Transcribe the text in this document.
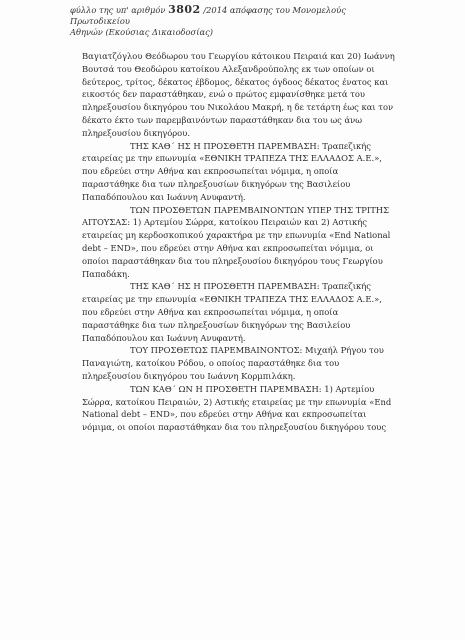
φύλλο της υπ' αριθμόν 3802 /2014 απόφασης του Μονομελούς Πρωτοδικείου
Αθηνών (Εκούσιας Δικαιοδοσίας)
Βαγιατζόγλου Θεόδωρου του Γεωργίου κάτοικου Πειραιά και 20) Ιωάννη
Βουτσά του Θεοδώρου κατοίκου Αλεξανδρούπολης εκ των οποίων οι
δεύτερος, τρίτος, δέκατος έβδομος, δέκατος όγδοος δέκατος ένατος και
εικοστός δεν παραστάθηκαν, ενώ ο πρώτος εμφανίσθηκε μετά του
πληρεξουσίου δικηγόρου του Νικολάου Μακρή, η δε τετάρτη έως και τον
δέκατο έκτο των παρεμβαινόντων παραστάθηκαν δια του ως άνω
πληρεξουσίου δικηγόρου.
ΤΗΣ ΚΑΘ΄ ΗΣ Η ΠΡΟΣΘΕΤΗ ΠΑΡΕΜΒΑΣΗ: Τραπεζικής
εταιρείας με την επωνυμία «ΕΘΝΙΚΗ ΤΡΑΠΕΖΑ ΤΗΣ ΕΛΛΑΔΟΣ Α.Ε.»,
που εδρεύει στην Αθήνα και εκπροσωπείται νόμιμα, η οποία
παραστάθηκε δια των πληρεξουσίων δικηγόρων της Βασιλείου
Παπαδόπουλου και Ιωάννη Ανυφαντή.
ΤΩΝ ΠΡΟΣΘΕΤΩΝ ΠΑΡΕΜΒΑΙΝΟΝΤΩΝ ΥΠΕΡ ΤΗΣ ΤΡΙΤΗΣ
ΑΙΤΟΥΣΑΣ: 1) Αρτεμίου Σώρρα, κατοίκου Πειραιών και 2) Αστικής
εταιρείας μη κερδοσκοπικού χαρακτήρα με την επωνυμία «End National
debt – END», που εδρεύει στην Αθήνα και εκπροσωπείται νόμιμα, οι
οποίοι παραστάθηκαν δια του πληρεξουσίου δικηγόρου τους Γεωργίου
Παπαδάκη.
ΤΗΣ ΚΑΘ΄ ΗΣ Η ΠΡΟΣΘΕΤΗ ΠΑΡΕΜΒΑΣΗ: Τραπεζικής
εταιρείας με την επωνυμία «ΕΘΝΙΚΗ ΤΡΑΠΕΖΑ ΤΗΣ ΕΛΛΑΔΟΣ Α.Ε.»,
που εδρεύει στην Αθήνα και εκπροσωπείται νόμιμα, η οποία
παραστάθηκε δια των πληρεξουσίων δικηγόρων της Βασιλείου
Παπαδόπουλου και Ιωάννη Ανυφαντή.
ΤΟΥ ΠΡΟΣΘΕΤΩΣ ΠΑΡΕΜΒΑΙΝΟΝΤΟΣ: Μιχαήλ Ρήγου του
Παναγιώτη, κατοίκου Ρόδου, ο οποίος παραστάθηκε δια του
πληρεξουσίου δικηγόρου του Ιωάννη Κορμπιλάκη.
ΤΩΝ ΚΑΘ΄ ΩΝ Η ΠΡΟΣΘΕΤΗ ΠΑΡΕΜΒΑΣΗ: 1) Αρτεμίου
Σώρρα, κατοίκου Πειραιών, 2) Αστικής εταιρείας με την επωνυμία «End
National debt – END», που εδρεύει στην Αθήνα και εκπροσωπείται
νόμιμα, οι οποίοι παραστάθηκαν δια του πληρεξουσίου δικηγόρου τους
